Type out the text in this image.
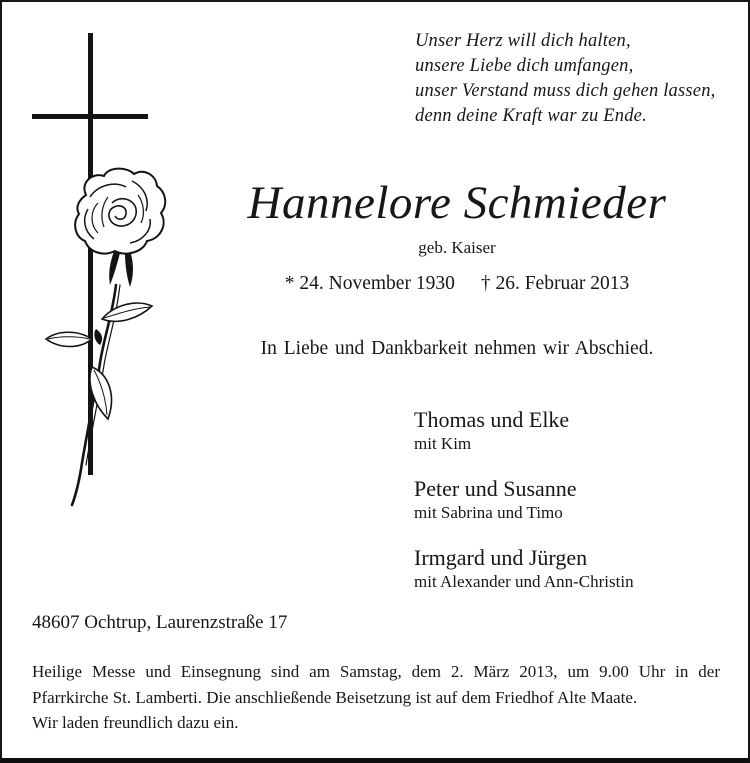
Unser Herz will dich halten,
unsere Liebe dich umfangen,
unser Verstand muss dich gehen lassen,
denn deine Kraft war zu Ende.
Hannelore Schmieder
geb. Kaiser
* 24. November 1930 † 26. Februar 2013
In Liebe und Dankbarkeit nehmen wir Abschied.
Thomas und Elke
mit Kim
Peter und Susanne
mit Sabrina und Timo
Irmgard und Jürgen
mit Alexander und Ann-Christin
48607 Ochtrup, Laurenzstraße 17

Heilige Messe und Einsegnung sind am Samstag, dem 2. März 2013, um 9.00 Uhr in der

Pfarrkirche St. Lamberti. Die anschließende Beisetzung ist auf dem Friedhof Alte Maate.

Wir laden freundlich dazu ein.
